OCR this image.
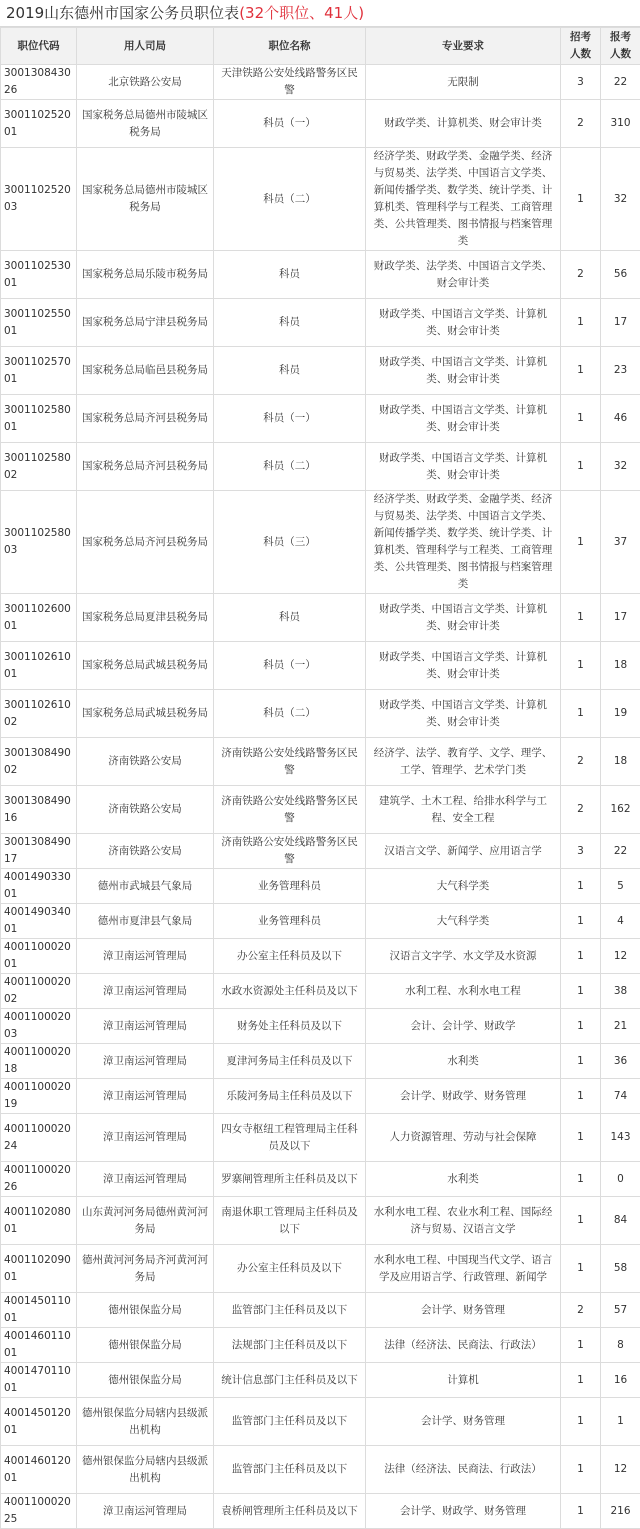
2019山东德州市国家公务员职位表(32个职位、41人)
职位代码	用人司局	职位名称	专业要求	招考人数	报考人数
300130843026	北京铁路公安局	天津铁路公安处线路警务区民警	无限制	3	22
300110252001	国家税务总局德州市陵城区税务局	科员（一）	财政学类、计算机类、财会审计类	2	310
300110252003	国家税务总局德州市陵城区税务局	科员（二）	经济学类、财政学类、金融学类、经济与贸易类、法学类、中国语言文学类、新闻传播学类、数学类、统计学类、计算机类、管理科学与工程类、工商管理类、公共管理类、图书情报与档案管理类	1	32
300110253001	国家税务总局乐陵市税务局	科员	财政学类、法学类、中国语言文学类、财会审计类	2	56
300110255001	国家税务总局宁津县税务局	科员	财政学类、中国语言文学类、计算机类、财会审计类	1	17
300110257001	国家税务总局临邑县税务局	科员	财政学类、中国语言文学类、计算机类、财会审计类	1	23
300110258001	国家税务总局齐河县税务局	科员（一）	财政学类、中国语言文学类、计算机类、财会审计类	1	46
300110258002	国家税务总局齐河县税务局	科员（二）	财政学类、中国语言文学类、计算机类、财会审计类	1	32
300110258003	国家税务总局齐河县税务局	科员（三）	经济学类、财政学类、金融学类、经济与贸易类、法学类、中国语言文学类、新闻传播学类、数学类、统计学类、计算机类、管理科学与工程类、工商管理类、公共管理类、图书情报与档案管理类	1	37
300110260001	国家税务总局夏津县税务局	科员	财政学类、中国语言文学类、计算机类、财会审计类	1	17
300110261001	国家税务总局武城县税务局	科员（一）	财政学类、中国语言文学类、计算机类、财会审计类	1	18
300110261002	国家税务总局武城县税务局	科员（二）	财政学类、中国语言文学类、计算机类、财会审计类	1	19
300130849002	济南铁路公安局	济南铁路公安处线路警务区民警	经济学、法学、教育学、文学、理学、工学、管理学、艺术学门类	2	18
300130849016	济南铁路公安局	济南铁路公安处线路警务区民警	建筑学、土木工程、给排水科学与工程、安全工程	2	162
300130849017	济南铁路公安局	济南铁路公安处线路警务区民警	汉语言文学、新闻学、应用语言学	3	22
400149033001	德州市武城县气象局	业务管理科员	大气科学类	1	5
400149034001	德州市夏津县气象局	业务管理科员	大气科学类	1	4
400110002001	漳卫南运河管理局	办公室主任科员及以下	汉语言文字学、水文学及水资源	1	12
400110002002	漳卫南运河管理局	水政水资源处主任科员及以下	水利工程、水利水电工程	1	38
400110002003	漳卫南运河管理局	财务处主任科员及以下	会计、会计学、财政学	1	21
400110002018	漳卫南运河管理局	夏津河务局主任科员及以下	水利类	1	36
400110002019	漳卫南运河管理局	乐陵河务局主任科员及以下	会计学、财政学、财务管理	1	74
400110002024	漳卫南运河管理局	四女寺枢纽工程管理局主任科员及以下	人力资源管理、劳动与社会保障	1	143
400110002026	漳卫南运河管理局	罗寨闸管理所主任科员及以下	水利类	1	0
400110208001	山东黄河河务局德州黄河河务局	南退休职工管理局主任科员及以下	水利水电工程、农业水利工程、国际经济与贸易、汉语言文学	1	84
400110209001	德州黄河河务局齐河黄河河务局	办公室主任科员及以下	水利水电工程、中国现当代文学、语言学及应用语言学、行政管理、新闻学	1	58
400145011001	德州银保监分局	监管部门主任科员及以下	会计学、财务管理	2	57
400146011001	德州银保监分局	法规部门主任科员及以下	法律（经济法、民商法、行政法）	1	8
400147011001	德州银保监分局	统计信息部门主任科员及以下	计算机	1	16
400145012001	德州银保监分局辖内县级派出机构	监管部门主任科员及以下	会计学、财务管理	1	1
400146012001	德州银保监分局辖内县级派出机构	监管部门主任科员及以下	法律（经济法、民商法、行政法）	1	12
400110002025	漳卫南运河管理局	袁桥闸管理所主任科员及以下	会计学、财政学、财务管理	1	216
